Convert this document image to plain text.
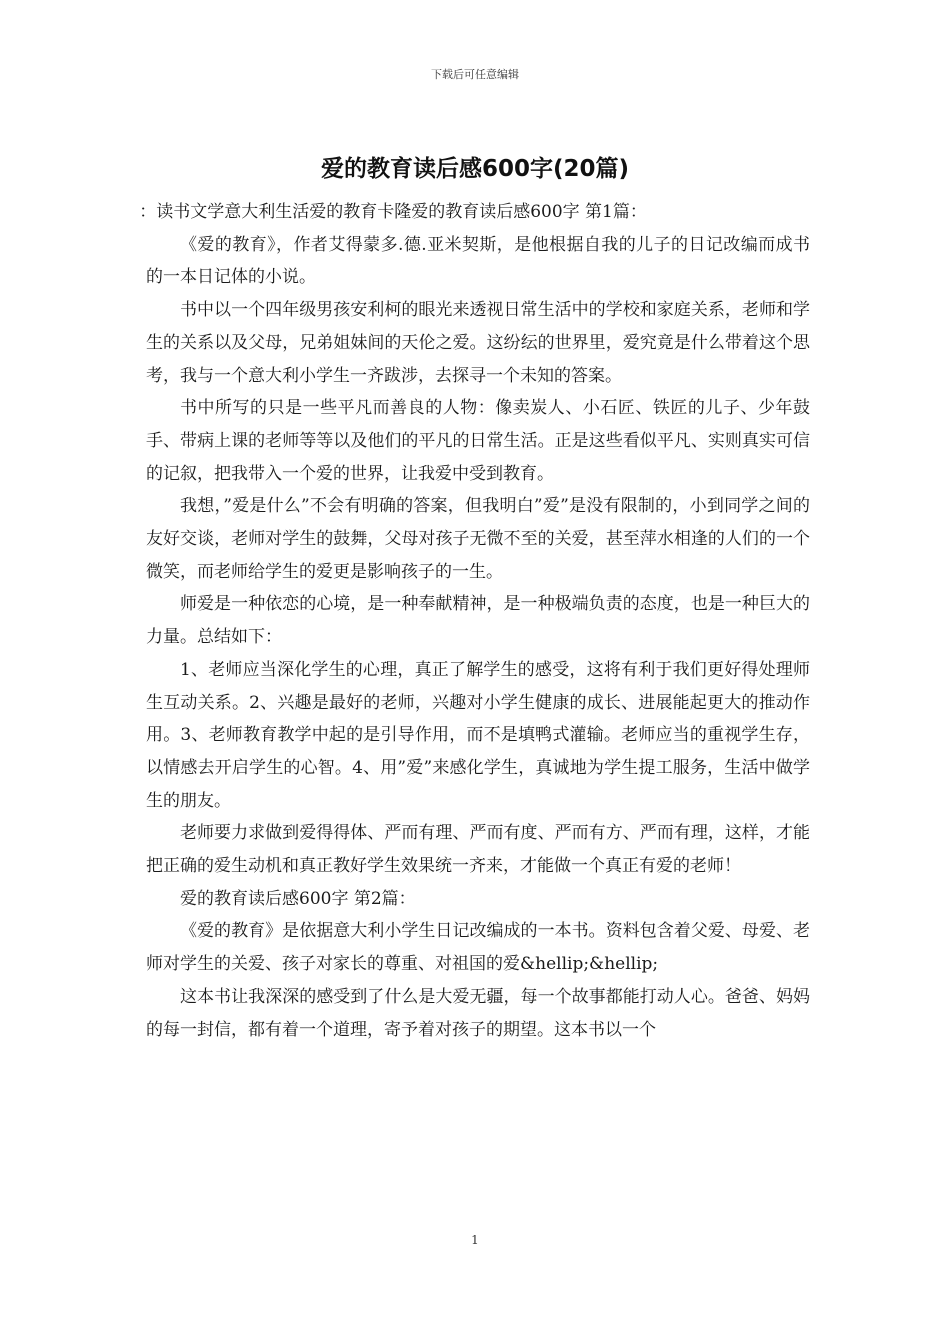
下载后可任意编辑
爱的教育读后感600字(20篇)

：读书文学意大利生活爱的教育卡隆爱的教育读后感600字 第1篇：

《爱的教育》，作者艾得蒙多.德.亚米契斯，是他根据自我的儿子的日记改编而成书的一本日记体的小说。

书中以一个四年级男孩安利柯的眼光来透视日常生活中的学校和家庭关系，老师和学生的关系以及父母，兄弟姐妹间的天伦之爱。这纷纭的世界里，爱究竟是什么带着这个思考，我与一个意大利小学生一齐跋涉，去探寻一个未知的答案。

书中所写的只是一些平凡而善良的人物：像卖炭人、小石匠、铁匠的儿子、少年鼓手、带病上课的老师等等以及他们的平凡的日常生活。正是这些看似平凡、实则真实可信的记叙，把我带入一个爱的世界，让我爱中受到教育。

我想，”爱是什么”不会有明确的答案，但我明白”爱”是没有限制的，小到同学之间的友好交谈，老师对学生的鼓舞，父母对孩子无微不至的关爱，甚至萍水相逢的人们的一个微笑，而老师给学生的爱更是影响孩子的一生。

师爱是一种依恋的心境，是一种奉献精神，是一种极端负责的态度，也是一种巨大的力量。总结如下：

1、老师应当深化学生的心理，真正了解学生的感受，这将有利于我们更好得处理师生互动关系。2、兴趣是最好的老师，兴趣对小学生健康的成长、进展能起更大的推动作用。3、老师教育教学中起的是引导作用，而不是填鸭式灌输。老师应当的重视学生存，以情感去开启学生的心智。4、用”爱”来感化学生，真诚地为学生提工服务，生活中做学生的朋友。

老师要力求做到爱得得体、严而有理、严而有度、严而有方、严而有理，这样，才能把正确的爱生动机和真正教好学生效果统一齐来，才能做一个真正有爱的老师！

爱的教育读后感600字 第2篇：

《爱的教育》是依据意大利小学生日记改编成的一本书。资料包含着父爱、母爱、老师对学生的关爱、孩子对家长的尊重、对祖国的爱&hellip;&hellip;

这本书让我深深的感受到了什么是大爱无疆，每一个故事都能打动人心。爸爸、妈妈的每一封信，都有着一个道理，寄予着对孩子的期望。这本书以一个

1
